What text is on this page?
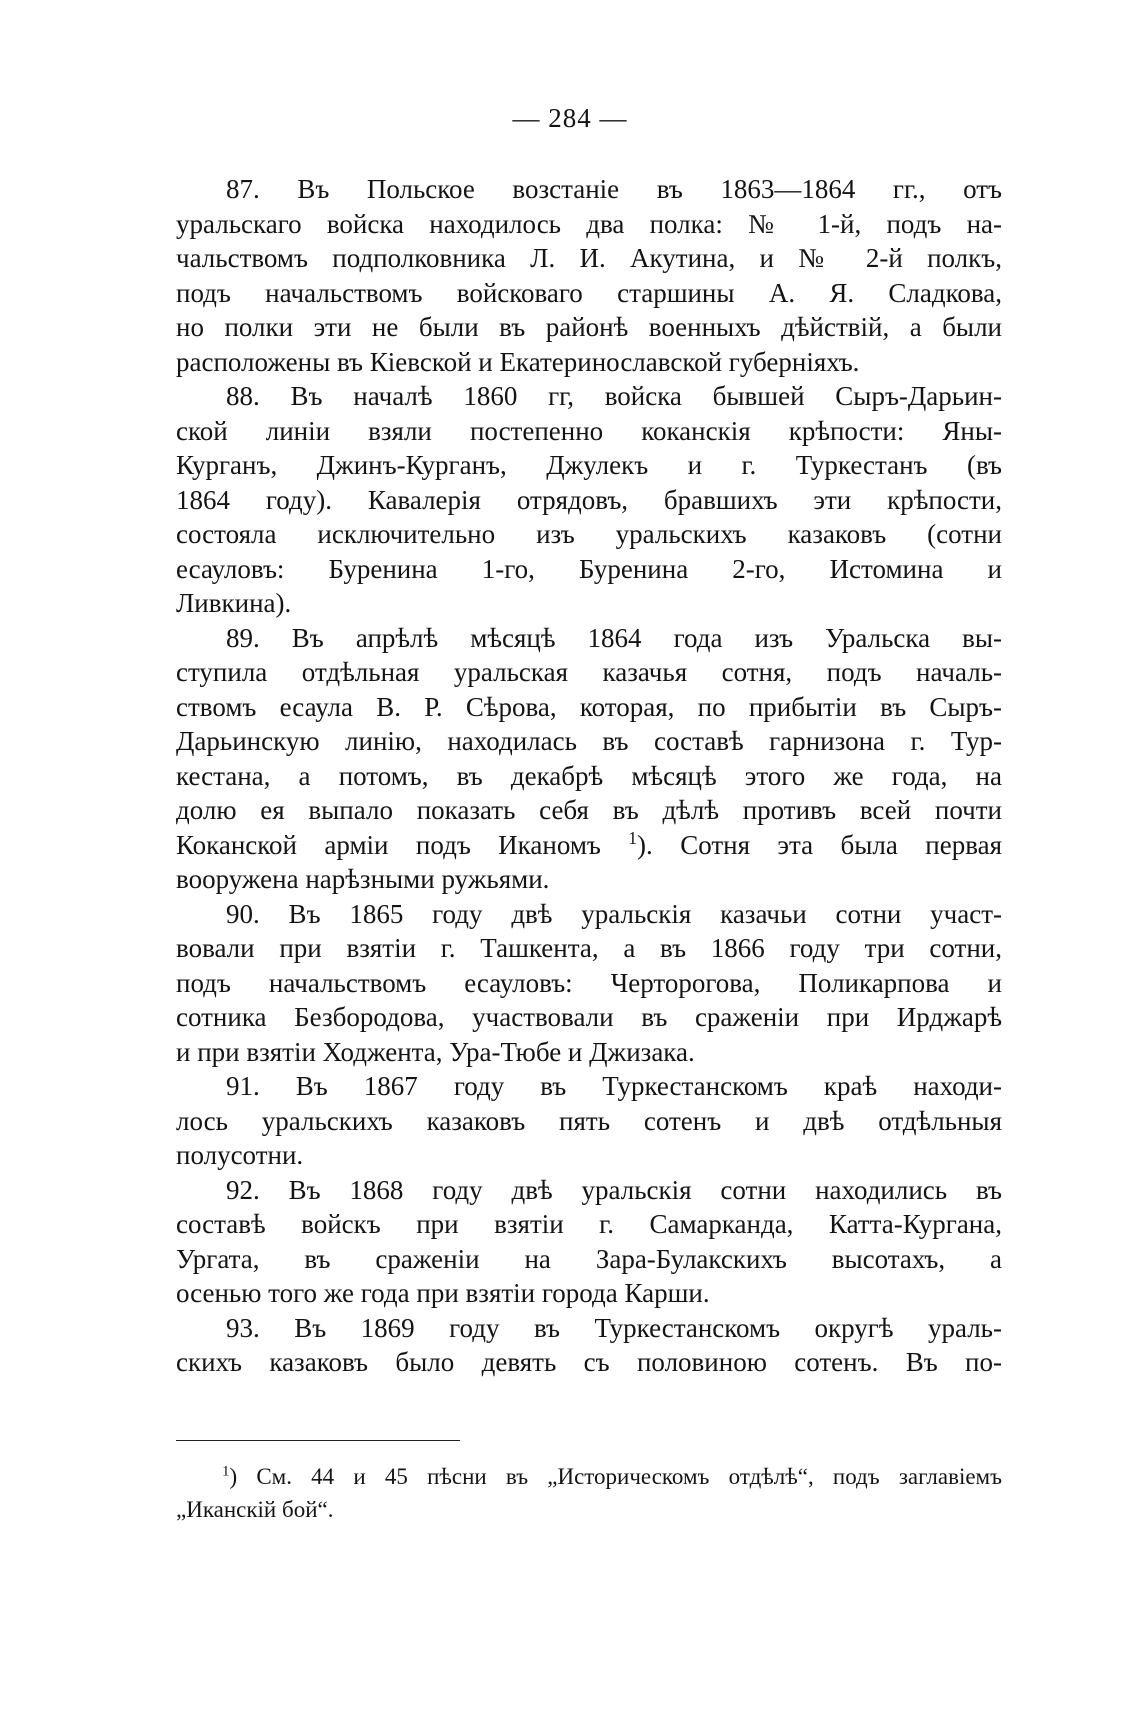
— 284 —
87. Въ Польское возстаніе въ 1863—1864 гг., отъ
уральскаго войска находилось два полка: № 1-й, подъ на-
чальствомъ подполковника Л. И. Акутина, и № 2-й полкъ,
подъ начальствомъ войсковаго старшины А. Я. Сладкова,
но полки эти не были въ районѣ военныхъ дѣйствій, а были
расположены въ Кіевской и Екатеринославской губерніяхъ.
88. Въ началѣ 1860 гг, войска бывшей Сыръ-Дарьин-
ской линіи взяли постепенно коканскія крѣпости: Яны-
Курганъ, Джинъ-Курганъ, Джулекъ и г. Туркестанъ (въ
1864 году). Кавалерія отрядовъ, бравшихъ эти крѣпости,
состояла исключительно изъ уральскихъ казаковъ (сотни
есауловъ: Буренина 1-го, Буренина 2-го, Истомина и
Ливкина).
89. Въ апрѣлѣ мѣсяцѣ 1864 года изъ Уральска вы-
ступила отдѣльная уральская казачья сотня, подъ началь-
ствомъ есаула В. Р. Сѣрова, которая, по прибытіи въ Сыръ-
Дарьинскую линію, находилась въ составѣ гарнизона г. Тур-
кестана, а потомъ, въ декабрѣ мѣсяцѣ этого же года, на
долю ея выпало показать себя въ дѣлѣ противъ всей почти
Коканской арміи подъ Иканомъ $^1$). Сотня эта была первая
вооружена нарѣзными ружьями.
90. Въ 1865 году двѣ уральскія казачьи сотни участ-
вовали при взятіи г. Ташкента, а въ 1866 году три сотни,
подъ начальствомъ есауловъ: Черторогова, Поликарпова и
сотника Безбородова, участвовали въ сраженіи при Ирджарѣ
и при взятіи Ходжента, Ура-Тюбе и Джизака.
91. Въ 1867 году въ Туркестанскомъ краѣ находи-
лось уральскихъ казаковъ пять сотенъ и двѣ отдѣльныя
полусотни.
92. Въ 1868 году двѣ уральскія сотни находились въ
составѣ войскъ при взятіи г. Самарканда, Катта-Кургана,
Ургата, въ сраженіи на Зара-Булакскихъ высотахъ, а
осенью того же года при взятіи города Карши.
93. Въ 1869 году въ Туркестанскомъ округѣ ураль-
скихъ казаковъ было девять съ половиною сотенъ. Въ по-
$^1$) См. 44 и 45 пѣсни въ „Историческомъ отдѣлѣ“, подъ заглавіемъ
„Иканскій бой“.
